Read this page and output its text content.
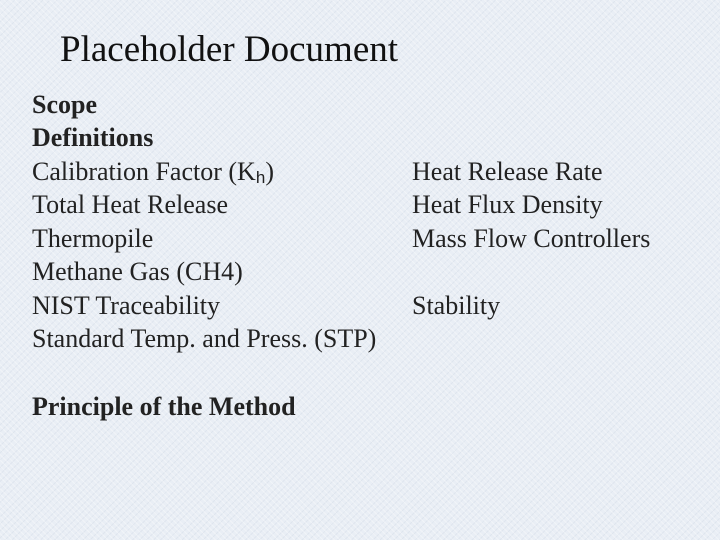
Placeholder Document
Scope
Definitions
Calibration Factor (Kh)
Total Heat Release
Thermopile
Methane Gas (CH4)
NIST Traceability
Standard Temp. and Press. (STP)
Heat Release Rate
Heat Flux Density
Mass Flow Controllers
Stability
Principle of the Method
